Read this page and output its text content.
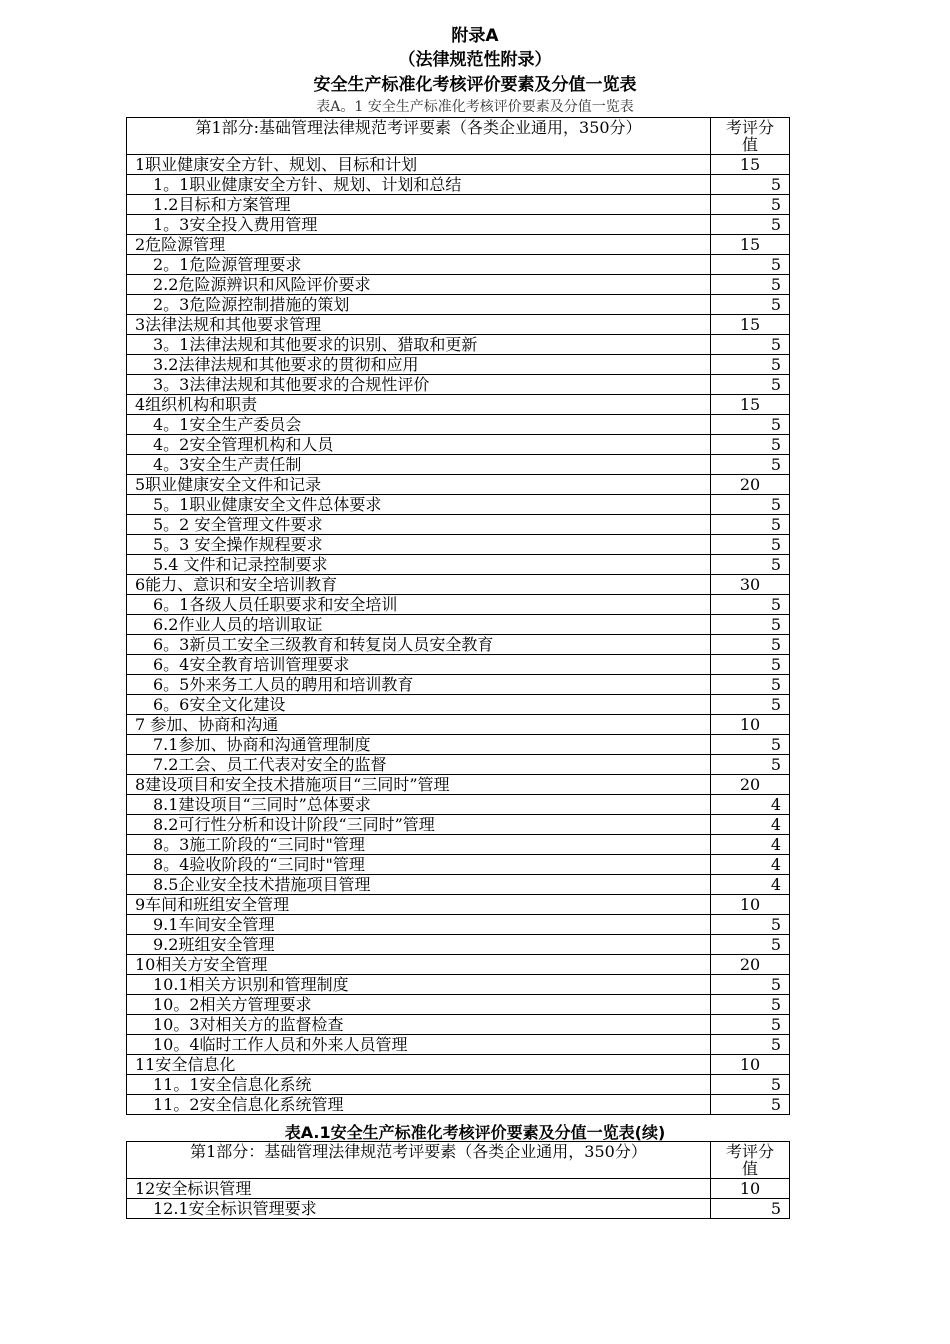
附录A
（法律规范性附录）
安全生产标准化考核评价要素及分值一览表
表A。1 安全生产标准化考核评价要素及分值一览表
第1部分:基础管理法律规范考评要素（各类企业通用，350分）	考评分
值
1职业健康安全方针、规划、目标和计划	15
1。1职业健康安全方针、规划、计划和总结	5
1.2目标和方案管理	5
1。3安全投入费用管理	5
2危险源管理	15
2。1危险源管理要求	5
2.2危险源辨识和风险评价要求	5
2。3危险源控制措施的策划	5
3法律法规和其他要求管理	15
3。1法律法规和其他要求的识别、猎取和更新	5
3.2法律法规和其他要求的贯彻和应用	5
3。3法律法规和其他要求的合规性评价	5
4组织机构和职责	15
4。1安全生产委员会	5
4。2安全管理机构和人员	5
4。3安全生产责任制	5
5职业健康安全文件和记录	20
5。1职业健康安全文件总体要求	5
5。2 安全管理文件要求	5
5。3 安全操作规程要求	5
5.4 文件和记录控制要求	5
6能力、意识和安全培训教育	30
6。1各级人员任职要求和安全培训	5
6.2作业人员的培训取证	5
6。3新员工安全三级教育和转复岗人员安全教育	5
6。4安全教育培训管理要求	5
6。5外来务工人员的聘用和培训教育	5
6。6安全文化建设	5
7 参加、协商和沟通	10
7.1参加、协商和沟通管理制度	5
7.2工会、员工代表对安全的监督	5
8建设项目和安全技术措施项目“三同时”管理	20
8.1建设项目“三同时”总体要求	4
8.2可行性分析和设计阶段“三同时”管理	4
8。3施工阶段的“三同时"管理	4
8。4验收阶段的“三同时"管理	4
8.5企业安全技术措施项目管理	4
9车间和班组安全管理	10
9.1车间安全管理	5
9.2班组安全管理	5
10相关方安全管理	20
10.1相关方识别和管理制度	5
10。2相关方管理要求	5
10。3对相关方的监督检查	5
10。4临时工作人员和外来人员管理	5
11安全信息化	10
11。1安全信息化系统	5
11。2安全信息化系统管理	5
表A.1安全生产标准化考核评价要素及分值一览表(续)
第1部分：基础管理法律规范考评要素（各类企业通用，350分）	考评分
值
12安全标识管理	10
12.1安全标识管理要求	5
